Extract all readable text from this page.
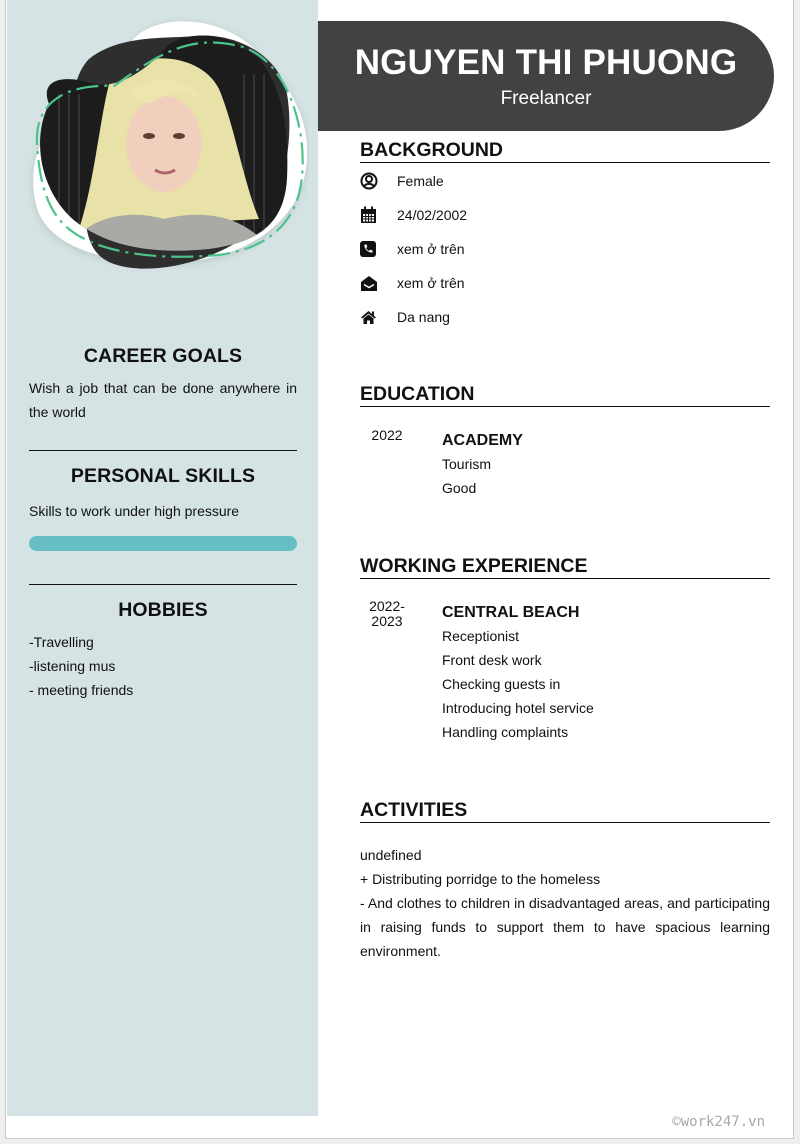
CAREER GOALS

Wish a job that can be done anywhere in the world

PERSONAL SKILLS

Skills to work under high pressure

HOBBIES

-Travelling

-listening mus

- meeting friends

NGUYEN THI PHUONG
Freelancer
BACKGROUND
Female
24/02/2002
xem ở trên
xem ở trên
Da nang
EDUCATION
2022	ACADEMY
Tourism
Good
WORKING EXPERIENCE
2022-
2023	CENTRAL BEACH
Receptionist
Front desk work
Checking guests in
Introducing hotel service
Handling complaints
ACTIVITIES
undefined
+ Distributing porridge to the homeless
- And clothes to children in disadvantaged areas, and participating in raising funds to support them to have spacious learning environment.
©work247.vn
